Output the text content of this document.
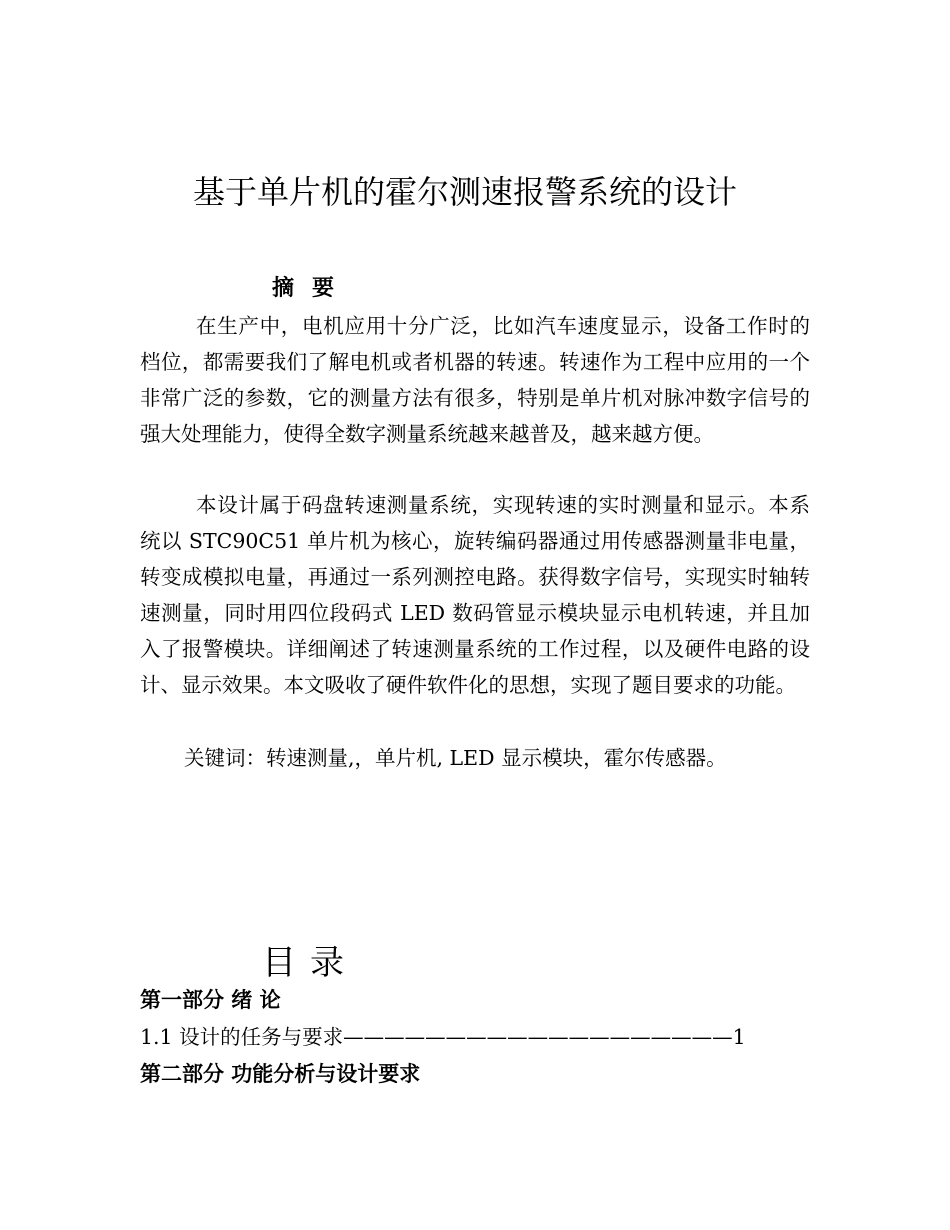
基于单片机的霍尔测速报警系统的设计
摘 要

在生产中，电机应用十分广泛，比如汽车速度显示，设备工作时的档位，都需要我们了解电机或者机器的转速。转速作为工程中应用的一个非常广泛的参数，它的测量方法有很多，特别是单片机对脉冲数字信号的强大处理能力，使得全数字测量系统越来越普及，越来越方便。

本设计属于码盘转速测量系统，实现转速的实时测量和显示。本系统以 STC90C51 单片机为核心，旋转编码器通过用传感器测量非电量，转变成模拟电量，再通过一系列测控电路。获得数字信号，实现实时轴转速测量，同时用四位段码式 LED 数码管显示模块显示电机转速，并且加入了报警模块。详细阐述了转速测量系统的工作过程，以及硬件电路的设计、显示效果。本文吸收了硬件软件化的思想，实现了题目要求的功能。

关键词：转速测量,，单片机, LED 显示模块，霍尔传感器。

目 录

第一部分 绪 论

1.1 设计的任务与要求———————————————————1

第二部分 功能分析与设计要求
